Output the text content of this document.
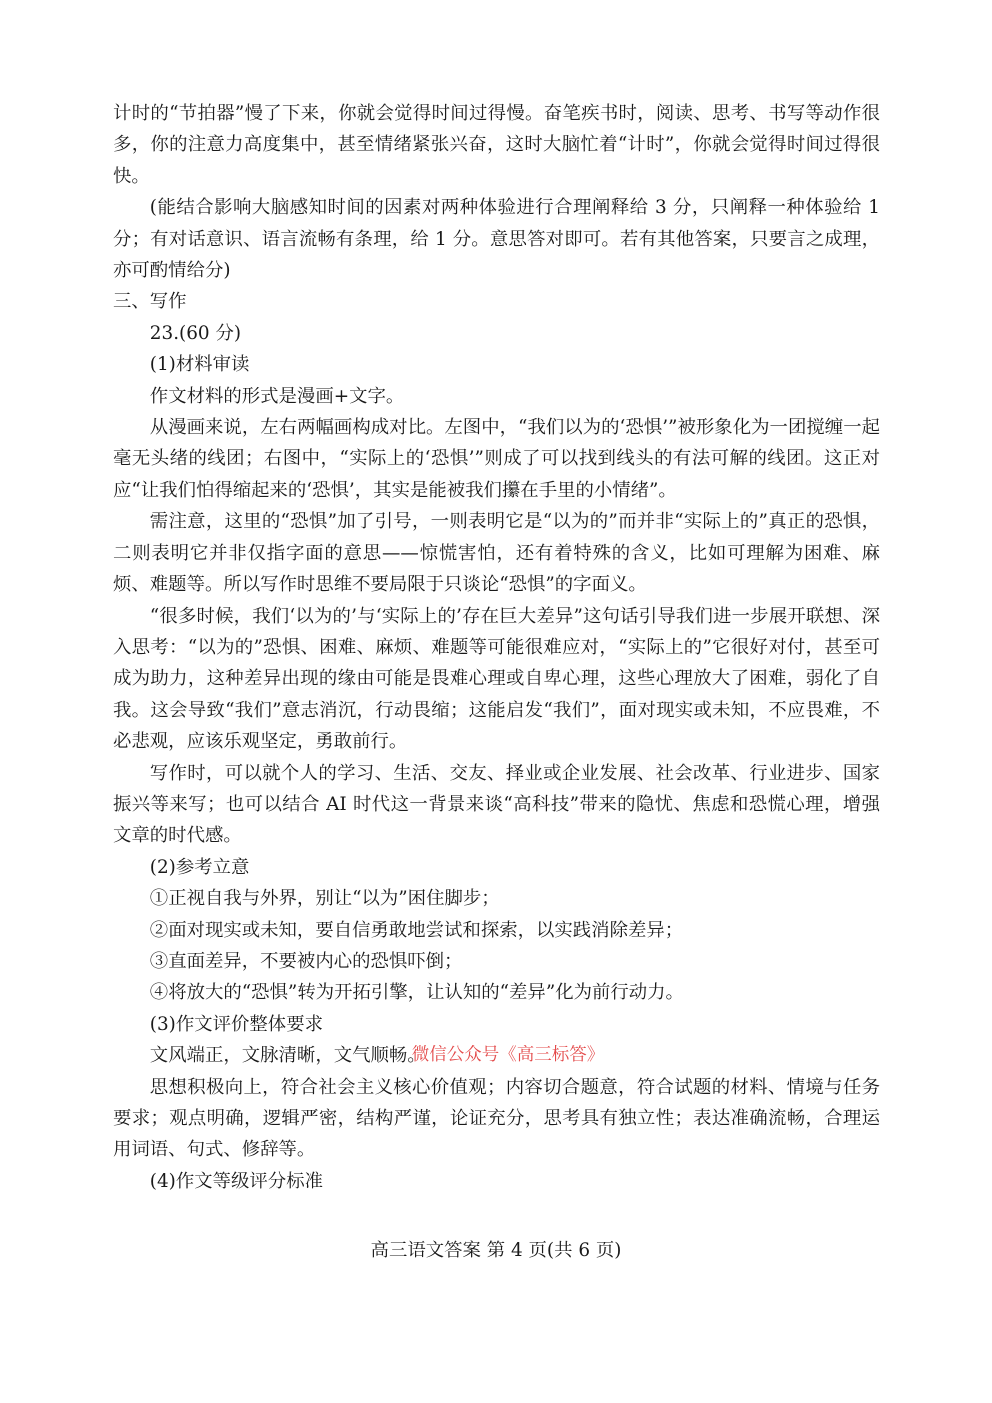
计时的“节拍器”慢了下来，你就会觉得时间过得慢。奋笔疾书时，阅读、思考、书写等动作很多，你的注意力高度集中，甚至情绪紧张兴奋，这时大脑忙着“计时”，你就会觉得时间过得很快。

(能结合影响大脑感知时间的因素对两种体验进行合理阐释给 3 分，只阐释一种体验给 1 分；有对话意识、语言流畅有条理，给 1 分。意思答对即可。若有其他答案，只要言之成理，亦可酌情给分)

三、写作

23.(60 分)

(1)材料审读

作文材料的形式是漫画+文字。

从漫画来说，左右两幅画构成对比。左图中，“我们以为的‘恐惧’”被形象化为一团搅缠一起毫无头绪的线团；右图中，“实际上的‘恐惧’”则成了可以找到线头的有法可解的线团。这正对应“让我们怕得缩起来的‘恐惧’，其实是能被我们攥在手里的小情绪”。

需注意，这里的“恐惧”加了引号，一则表明它是“以为的”而并非“实际上的”真正的恐惧，二则表明它并非仅指字面的意思——惊慌害怕，还有着特殊的含义，比如可理解为困难、麻烦、难题等。所以写作时思维不要局限于只谈论“恐惧”的字面义。

“很多时候，我们‘以为的’与‘实际上的’存在巨大差异”这句话引导我们进一步展开联想、深入思考：“以为的”恐惧、困难、麻烦、难题等可能很难应对，“实际上的”它很好对付，甚至可成为助力，这种差异出现的缘由可能是畏难心理或自卑心理，这些心理放大了困难，弱化了自我。这会导致“我们”意志消沉，行动畏缩；这能启发“我们”，面对现实或未知，不应畏难，不必悲观，应该乐观坚定，勇敢前行。

写作时，可以就个人的学习、生活、交友、择业或企业发展、社会改革、行业进步、国家振兴等来写；也可以结合 AI 时代这一背景来谈“高科技”带来的隐忧、焦虑和恐慌心理，增强文章的时代感。

(2)参考立意

①正视自我与外界，别让“以为”困住脚步；

②面对现实或未知，要自信勇敢地尝试和探索，以实践消除差异；

③直面差异，不要被内心的恐惧吓倒；

④将放大的“恐惧”转为开拓引擎，让认知的“差异”化为前行动力。

(3)作文评价整体要求

文风端正，文脉清晰，文气顺畅。
微信公众号《高三标答》

思想积极向上，符合社会主义核心价值观；内容切合题意，符合试题的材料、情境与任务要求；观点明确，逻辑严密，结构严谨，论证充分，思考具有独立性；表达准确流畅，合理运用词语、句式、修辞等。

(4)作文等级评分标准

高三语文答案 第 4 页(共 6 页)
